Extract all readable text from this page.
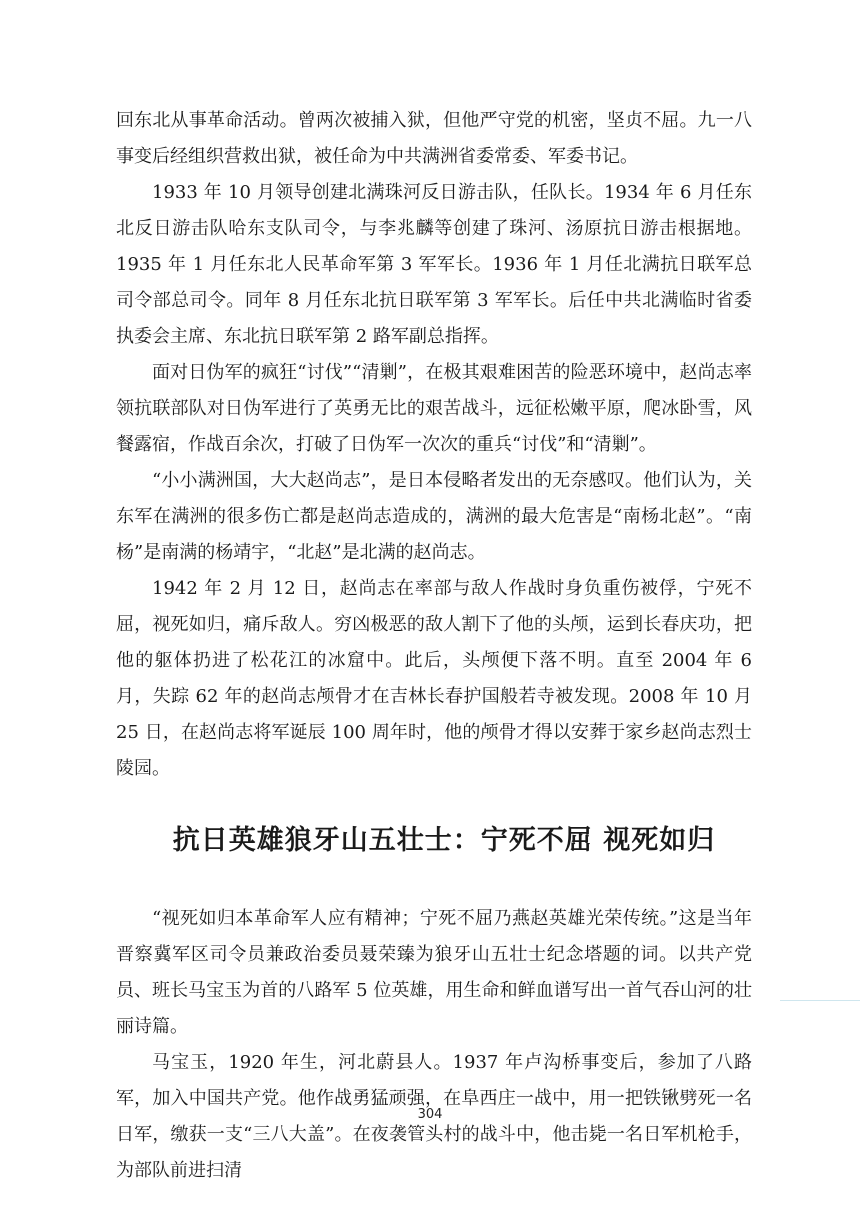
回东北从事革命活动。曾两次被捕入狱，但他严守党的机密，坚贞不屈。九一八事变后经组织营救出狱，被任命为中共满洲省委常委、军委书记。

1933 年 10 月领导创建北满珠河反日游击队，任队长。1934 年 6 月任东北反日游击队哈东支队司令，与李兆麟等创建了珠河、汤原抗日游击根据地。1935 年 1 月任东北人民革命军第 3 军军长。1936 年 1 月任北满抗日联军总司令部总司令。同年 8 月任东北抗日联军第 3 军军长。后任中共北满临时省委执委会主席、东北抗日联军第 2 路军副总指挥。

面对日伪军的疯狂“讨伐”“清剿”，在极其艰难困苦的险恶环境中，赵尚志率领抗联部队对日伪军进行了英勇无比的艰苦战斗，远征松嫩平原，爬冰卧雪，风餐露宿，作战百余次，打破了日伪军一次次的重兵“讨伐”和“清剿”。

“小小满洲国，大大赵尚志”，是日本侵略者发出的无奈感叹。他们认为，关东军在满洲的很多伤亡都是赵尚志造成的，满洲的最大危害是“南杨北赵”。“南杨”是南满的杨靖宇，“北赵”是北满的赵尚志。

1942 年 2 月 12 日，赵尚志在率部与敌人作战时身负重伤被俘，宁死不屈，视死如归，痛斥敌人。穷凶极恶的敌人割下了他的头颅，运到长春庆功，把他的躯体扔进了松花江的冰窟中。此后，头颅便下落不明。直至 2004 年 6 月，失踪 62 年的赵尚志颅骨才在吉林长春护国般若寺被发现。2008 年 10 月 25 日，在赵尚志将军诞辰 100 周年时，他的颅骨才得以安葬于家乡赵尚志烈士陵园。

抗日英雄狼牙山五壮士：宁死不屈 视死如归

“视死如归本革命军人应有精神；宁死不屈乃燕赵英雄光荣传统。”这是当年晋察冀军区司令员兼政治委员聂荣臻为狼牙山五壮士纪念塔题的词。以共产党员、班长马宝玉为首的八路军 5 位英雄，用生命和鲜血谱写出一首气吞山河的壮丽诗篇。

马宝玉，1920 年生，河北蔚县人。1937 年卢沟桥事变后，参加了八路军，加入中国共产党。他作战勇猛顽强，在阜西庄一战中，用一把铁锹劈死一名日军，缴获一支“三八大盖”。在夜袭管头村的战斗中，他击毙一名日军机枪手，为部队前进扫清

304
